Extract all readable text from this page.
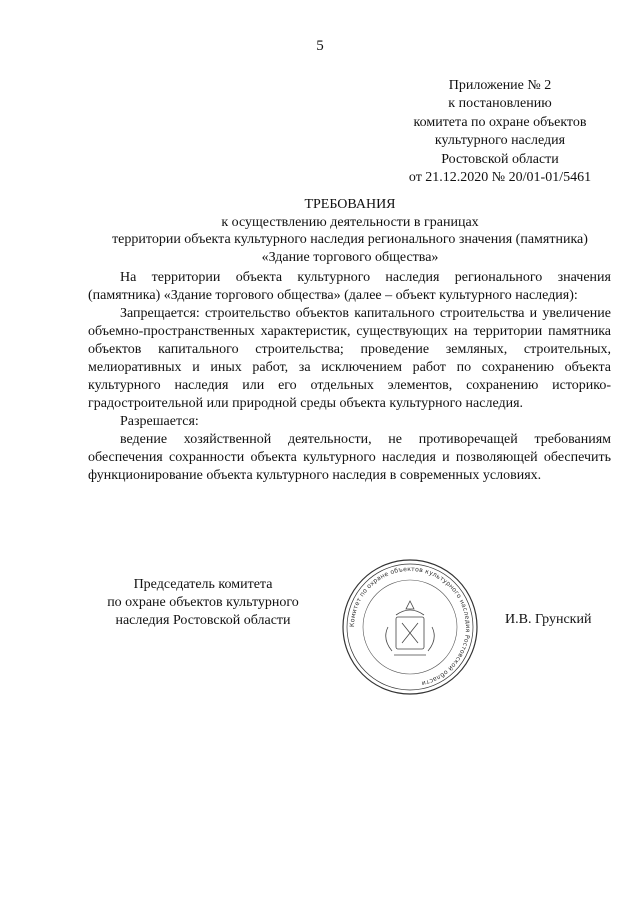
5
Приложение № 2
к постановлению
комитета по охране объектов
культурного наследия
Ростовской области
от 21.12.2020 № 20/01-01/5461
ТРЕБОВАНИЯ
к осуществлению деятельности в границах
территории объекта культурного наследия регионального значения (памятника)
«Здание торгового общества»

На территории объекта культурного наследия регионального значения (памятника) «Здание торгового общества» (далее – объект культурного наследия):

Запрещается: строительство объектов капитального строительства и увеличение объемно-пространственных характеристик, существующих на территории памятника объектов капитального строительства; проведение земляных, строительных, мелиоративных и иных работ, за исключением работ по сохранению объекта культурного наследия или его отдельных элементов, сохранению историко-градостроительной или природной среды объекта культурного наследия.

Разрешается:

ведение хозяйственной деятельности, не противоречащей требованиям обеспечения сохранности объекта культурного наследия и позволяющей обеспечить функционирование объекта культурного наследия в современных условиях.

Председатель комитета
по охране объектов культурного
наследия Ростовской области	Комитет по охране объектов культурного наследия Ростовской области
И.В. Грунский
